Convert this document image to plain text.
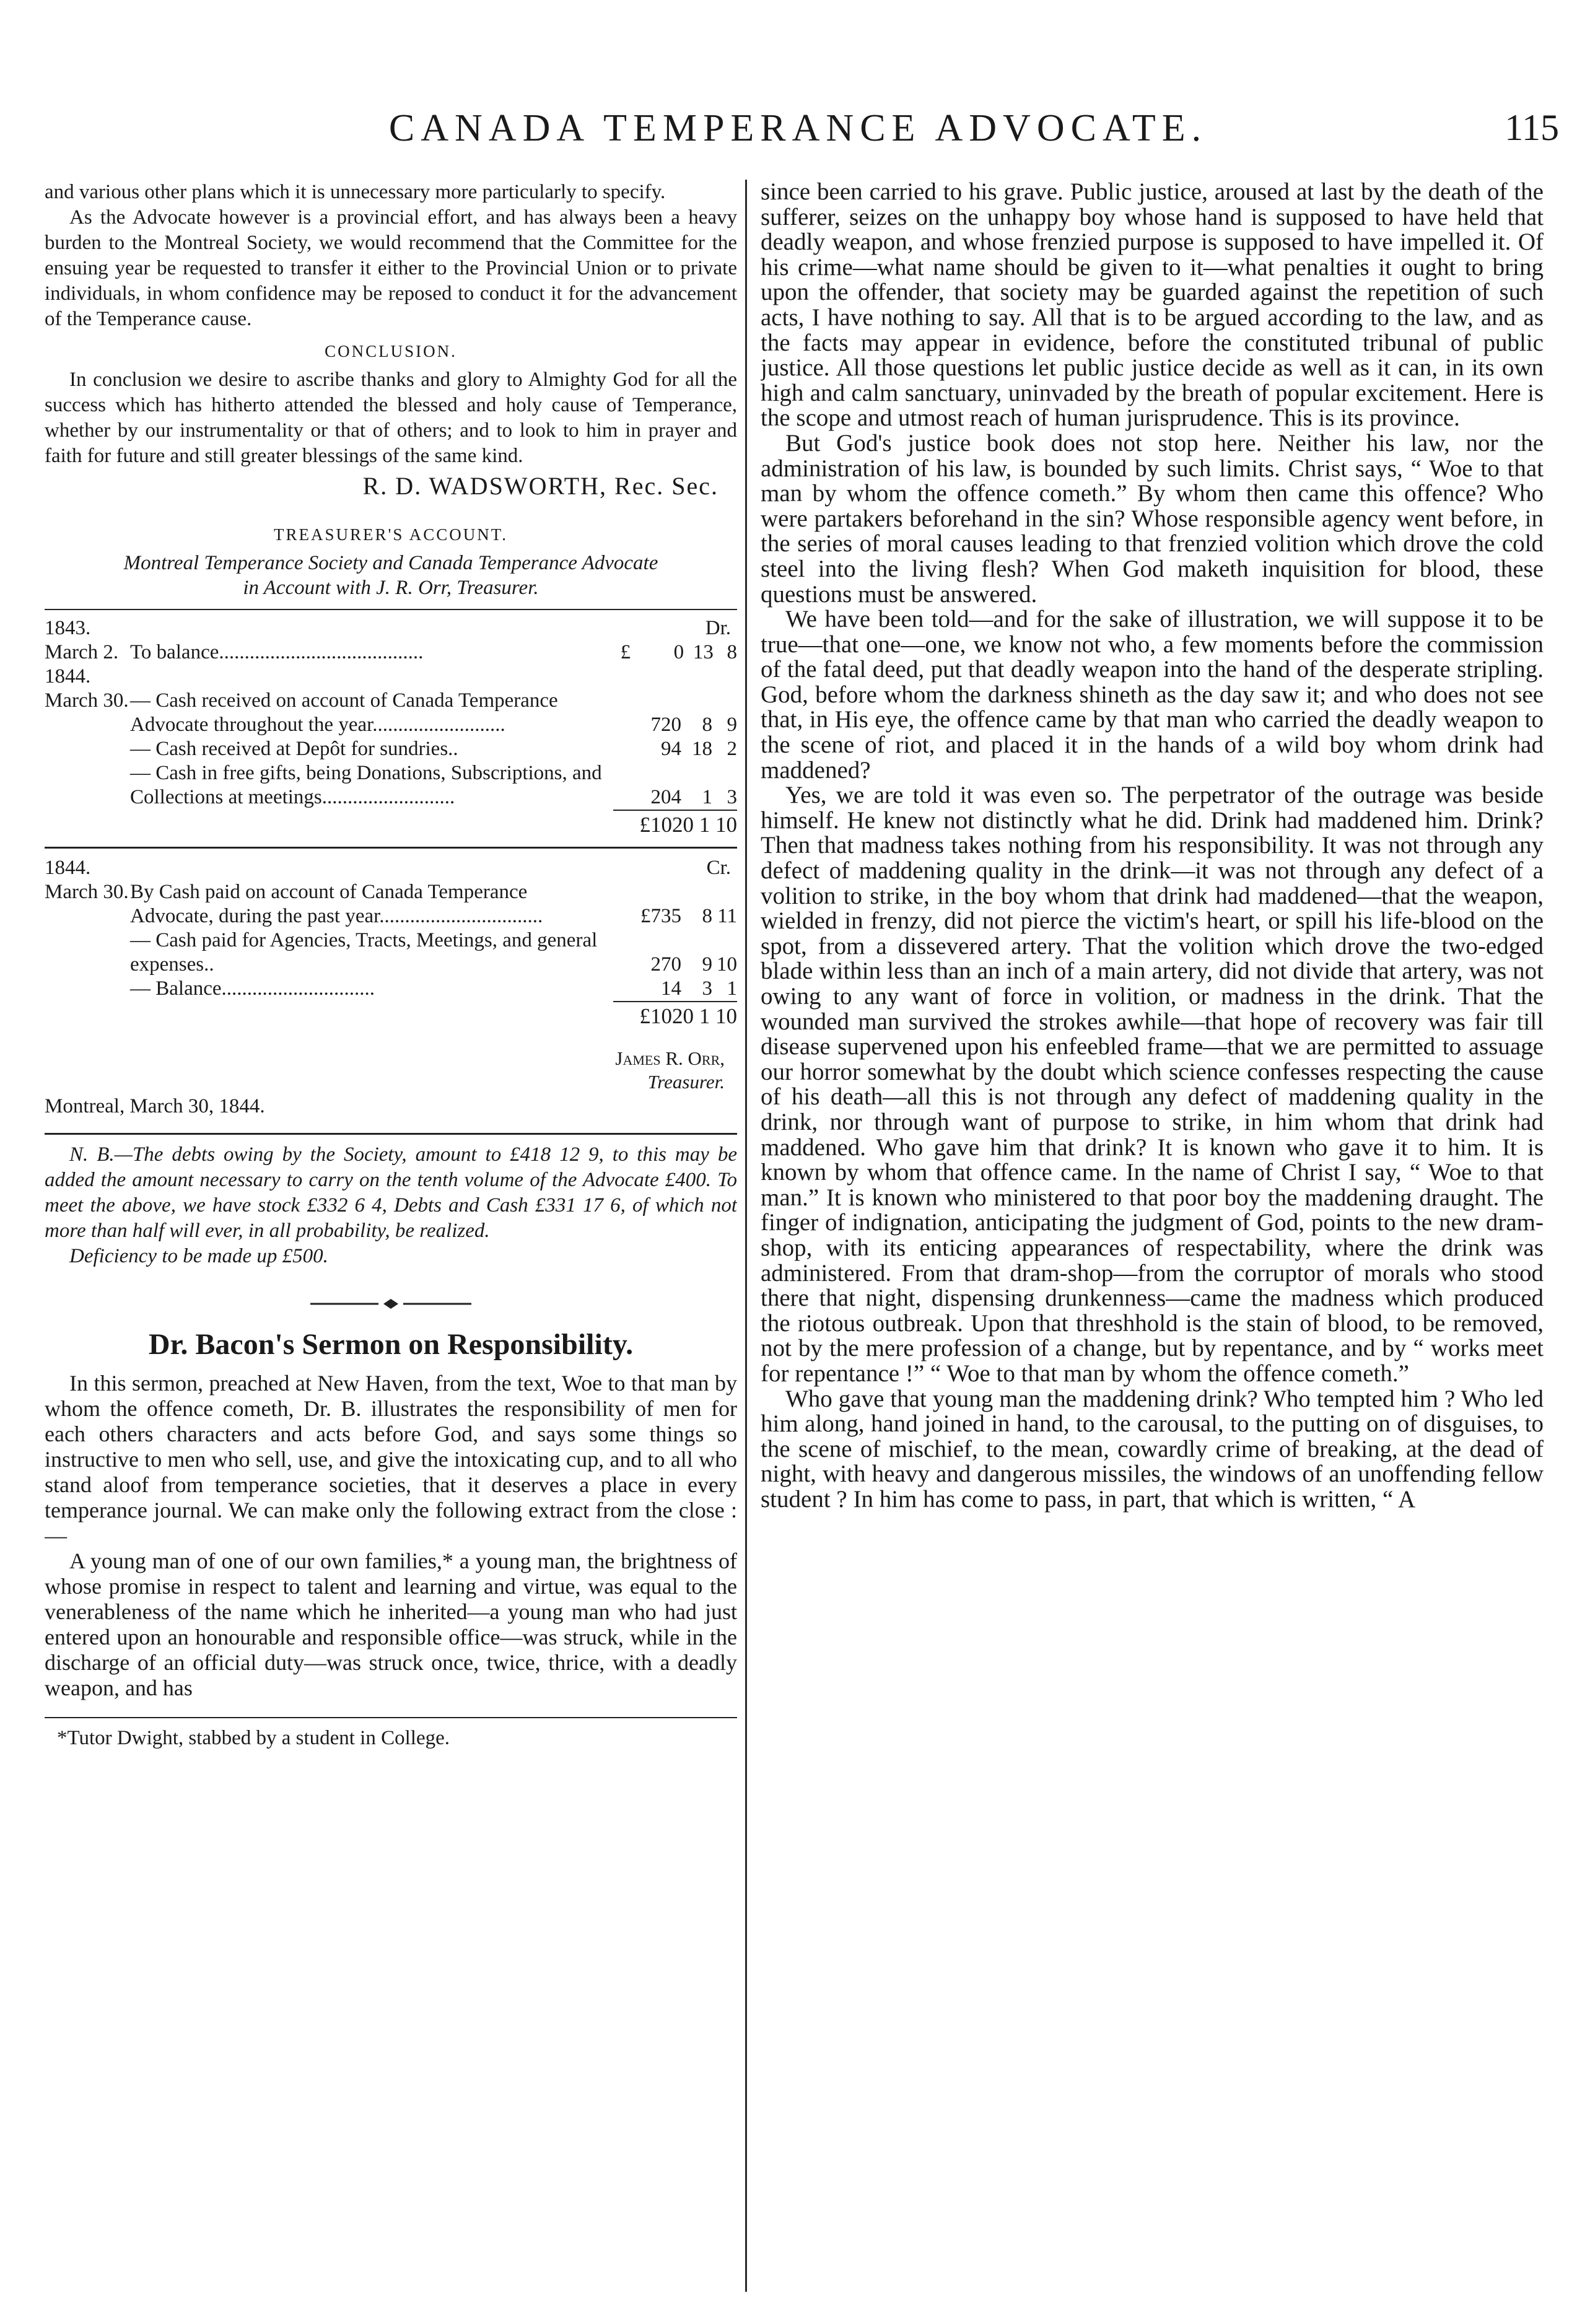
CANADA TEMPERANCE ADVOCATE.	115

and various other plans which it is unnecessary more particularly to specify.

As the Advocate however is a provincial effort, and has always been a heavy burden to the Montreal Society, we would recommend that the Committee for the ensuing year be requested to transfer it either to the Provincial Union or to private individuals, in whom confidence may be reposed to conduct it for the advancement of the Temperance cause.

CONCLUSION.

In conclusion we desire to ascribe thanks and glory to Almighty God for all the success which has hitherto attended the blessed and holy cause of Temperance, whether by our instrumentality or that of others; and to look to him in prayer and faith for future and still greater blessings of the same kind.

R. D. WADSWORTH, Rec. Sec.
TREASURER'S ACCOUNT.
Montreal Temperance Society and Canada Temperance Advocate
in Account with J. R. Orr, Treasurer.
1843.	Dr.
March 2. To balance........................................	£	0 13 8
1844.
March 30. — Cash received on account of Canada Temperance Advocate throughout the year..........................	720	8 9
— Cash received at Depôt for sundries..	94 18 2
— Cash in free gifts, being Donations, Subscriptions, and Collections at meetings..........................	204	1 3
£1020 1 10
1844.	Cr.
March 30. By Cash paid on account of Canada Temperance Advocate, during the past year................................	£735	8 11
— Cash paid for Agencies, Tracts, Meetings, and general expenses..	270	9 10
— Balance..............................	14	3 1
£1020 1 10
James R. Orr,
Treasurer.

Montreal, March 30, 1844.

N. B.—The debts owing by the Society, amount to £418 12 9, to this may be added the amount necessary to carry on the tenth volume of the Advocate £400. To meet the above, we have stock £332 6 4, Debts and Cash £331 17 6, of which not more than half will ever, in all probability, be realized.

Deficiency to be made up £500.

Dr. Bacon's Sermon on Responsibility.

In this sermon, preached at New Haven, from the text, Woe to that man by whom the offence cometh, Dr. B. illustrates the responsibility of men for each others characters and acts before God, and says some things so instructive to men who sell, use, and give the intoxicating cup, and to all who stand aloof from temperance societies, that it deserves a place in every temperance journal. We can make only the following extract from the close :—

A young man of one of our own families,* a young man, the brightness of whose promise in respect to talent and learning and virtue, was equal to the venerableness of the name which he inherited—a young man who had just entered upon an honourable and responsible office—was struck, while in the discharge of an official duty—was struck once, twice, thrice, with a deadly weapon, and has

*Tutor Dwight, stabbed by a student in College.

since been carried to his grave. Public justice, aroused at last by the death of the sufferer, seizes on the unhappy boy whose hand is supposed to have held that deadly weapon, and whose frenzied purpose is supposed to have impelled it. Of his crime—what name should be given to it—what penalties it ought to bring upon the offender, that society may be guarded against the repetition of such acts, I have nothing to say. All that is to be argued according to the law, and as the facts may appear in evidence, before the constituted tribunal of public justice. All those questions let public justice decide as well as it can, in its own high and calm sanctuary, uninvaded by the breath of popular excitement. Here is the scope and utmost reach of human jurisprudence. This is its province.

But God's justice book does not stop here. Neither his law, nor the administration of his law, is bounded by such limits. Christ says, “ Woe to that man by whom the offence cometh.” By whom then came this offence? Who were partakers beforehand in the sin? Whose responsible agency went before, in the series of moral causes leading to that frenzied volition which drove the cold steel into the living flesh? When God maketh inquisition for blood, these questions must be answered.

We have been told—and for the sake of illustration, we will suppose it to be true—that one—one, we know not who, a few moments before the commission of the fatal deed, put that deadly weapon into the hand of the desperate stripling. God, before whom the darkness shineth as the day saw it; and who does not see that, in His eye, the offence came by that man who carried the deadly weapon to the scene of riot, and placed it in the hands of a wild boy whom drink had maddened?

Yes, we are told it was even so. The perpetrator of the outrage was beside himself. He knew not distinctly what he did. Drink had maddened him. Drink? Then that madness takes nothing from his responsibility. It was not through any defect of maddening quality in the drink—it was not through any defect of a volition to strike, in the boy whom that drink had maddened—that the weapon, wielded in frenzy, did not pierce the victim's heart, or spill his life-blood on the spot, from a dissevered artery. That the volition which drove the two-edged blade within less than an inch of a main artery, did not divide that artery, was not owing to any want of force in volition, or madness in the drink. That the wounded man survived the strokes awhile—that hope of recovery was fair till disease supervened upon his enfeebled frame—that we are permitted to assuage our horror somewhat by the doubt which science confesses respecting the cause of his death—all this is not through any defect of maddening quality in the drink, nor through want of purpose to strike, in him whom that drink had maddened. Who gave him that drink? It is known who gave it to him. It is known by whom that offence came. In the name of Christ I say, “ Woe to that man.” It is known who ministered to that poor boy the maddening draught. The finger of indignation, anticipating the judgment of God, points to the new dram-shop, with its enticing appearances of respectability, where the drink was administered. From that dram-shop—from the corruptor of morals who stood there that night, dispensing drunkenness—came the madness which produced the riotous outbreak. Upon that threshhold is the stain of blood, to be removed, not by the mere profession of a change, but by repentance, and by “ works meet for repentance !” “ Woe to that man by whom the offence cometh.”

Who gave that young man the maddening drink? Who tempted him ? Who led him along, hand joined in hand, to the carousal, to the putting on of disguises, to the scene of mischief, to the mean, cowardly crime of breaking, at the dead of night, with heavy and dangerous missiles, the windows of an unoffending fellow student ? In him has come to pass, in part, that which is written, “ A
